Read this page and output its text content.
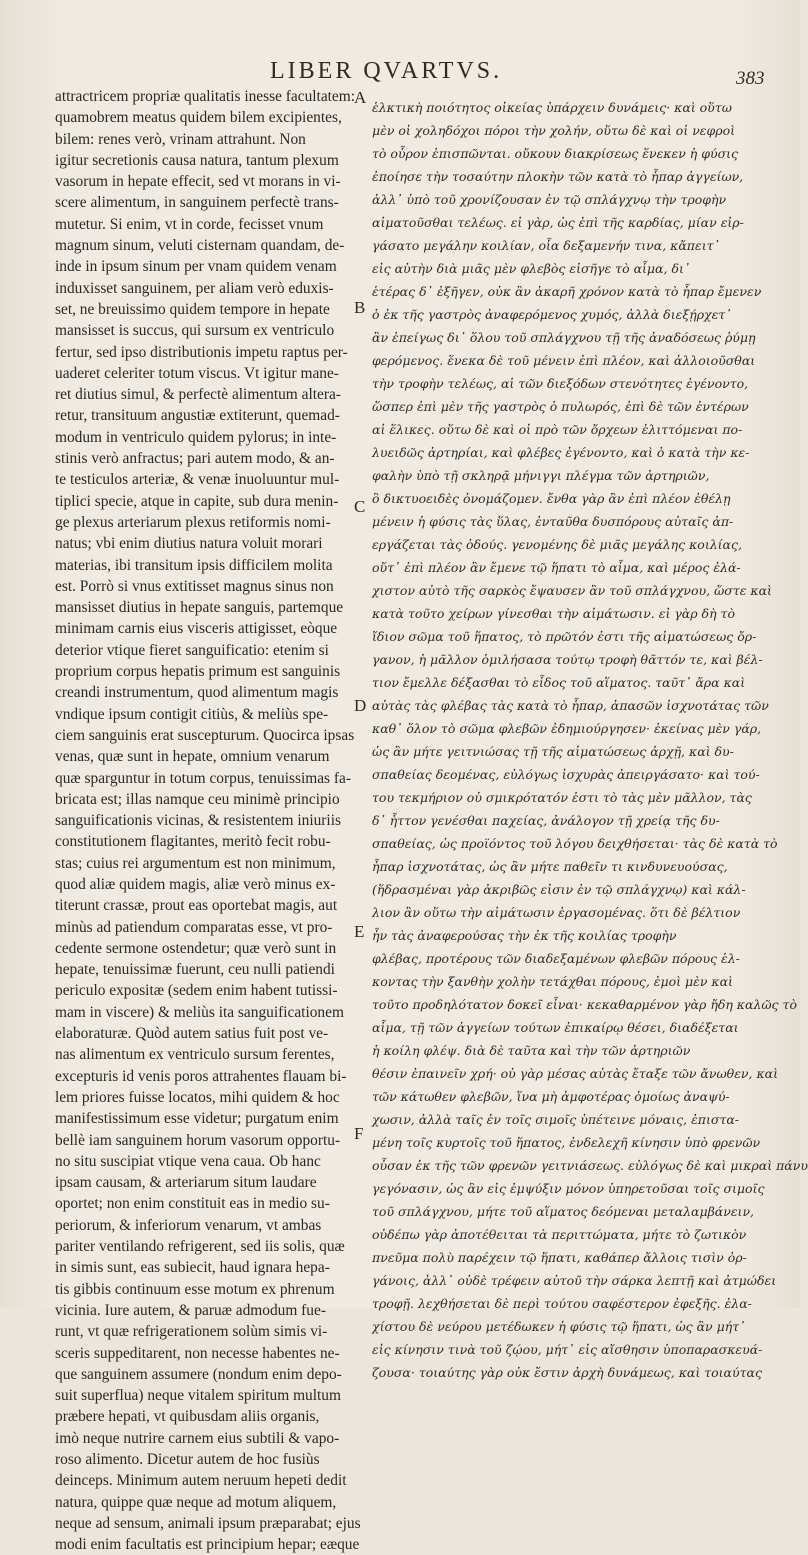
LIBER QVARTVS.	383
attractricem propriæ qualitatis inesse facultatem:
quamobrem meatus quidem bilem excipientes,
bilem: renes verò, vrinam attrahunt. Non
igitur secretionis causa natura, tantum plexum
vasorum in hepate effecit, sed vt morans in vi-
scere alimentum, in sanguinem perfectè trans-
mutetur. Si enim, vt in corde, fecisset vnum
magnum sinum, veluti cisternam quandam, de-
inde in ipsum sinum per vnam quidem venam
induxisset sanguinem, per aliam verò eduxis-
set, ne breuissimo quidem tempore in hepate
mansisset is succus, qui sursum ex ventriculo
fertur, sed ipso distributionis impetu raptus per-
uaderet celeriter totum viscus. Vt igitur mane-
ret diutius simul, & perfectè alimentum altera-
retur, transituum angustiæ extiterunt, quemad-
modum in ventriculo quidem pylorus; in inte-
stinis verò anfractus; pari autem modo, & an-
te testiculos arteriæ, & venæ inuoluuntur mul-
tiplici specie, atque in capite, sub dura menin-
ge plexus arteriarum plexus retiformis nomi-
natus; vbi enim diutius natura voluit morari
materias, ibi transitum ipsis difficilem molita
est. Porrò si vnus extitisset magnus sinus non
mansisset diutius in hepate sanguis, partemque
minimam carnis eius visceris attigisset, eòque
deterior vtique fieret sanguificatio: etenim si
proprium corpus hepatis primum est sanguinis
creandi instrumentum, quod alimentum magis
vndique ipsum contigit citiùs, & meliùs spe-
ciem sanguinis erat suscepturum. Quocirca ipsas
venas, quæ sunt in hepate, omnium venarum
quæ sparguntur in totum corpus, tenuissimas fa-
bricata est; illas namque ceu minimè principio
sanguificationis vicinas, & resistentem iniuriis
constitutionem flagitantes, meritò fecit robu-
stas; cuius rei argumentum est non minimum,
quod aliæ quidem magis, aliæ verò minus ex-
titerunt crassæ, prout eas oportebat magis, aut
minùs ad patiendum comparatas esse, vt pro-
cedente sermone ostendetur; quæ verò sunt in
hepate, tenuissimæ fuerunt, ceu nulli patiendi
periculo expositæ (sedem enim habent tutissi-
mam in viscere) & meliùs ita sanguificationem
elaboraturæ. Quòd autem satius fuit post ve-
nas alimentum ex ventriculo sursum ferentes,
excepturis id venis poros attrahentes flauam bi-
lem priores fuisse locatos, mihi quidem & hoc
manifestissimum esse videtur; purgatum enim
bellè iam sanguinem horum vasorum opportu-
no situ suscipiat vtique vena caua. Ob hanc
ipsam causam, & arteriarum situm laudare
oportet; non enim constituit eas in medio su-
periorum, & inferiorum venarum, vt ambas
pariter ventilando refrigerent, sed iis solis, quæ
in simis sunt, eas subiecit, haud ignara hepa-
tis gibbis continuum esse motum ex phrenum
vicinia. Iure autem, & paruæ admodum fue-
runt, vt quæ refrigerationem solùm simis vi-
sceris suppeditarent, non necesse habentes ne-
que sanguinem assumere (nondum enim depo-
suit superflua) neque vitalem spiritum multum
præbere hepati, vt quibusdam aliis organis,
imò neque nutrire carnem eius subtili & vapo-
roso alimento. Dicetur autem de hoc fusiùs
deinceps. Minimum autem neruum hepeti dedit
natura, quippe quæ neque ad motum aliquem,
neque ad sensum, animali ipsum præparabat; ejus
modi enim facultatis est principium hepar; eæque
A
B
C
D
E
F
ἑλκτικὴ ποιότητος οἰκείας ὑπάρχειν δυνάμεις· καὶ οὕτω
μὲν οἱ χοληδόχοι πόροι τὴν χολήν, οὕτω δὲ καὶ οἱ νεφροὶ
τὸ οὖρον ἐπισπῶνται. οὔκουν διακρίσεως ἕνεκεν ἡ φύσις
ἐποίησε τὴν τοσαύτην πλοκὴν τῶν κατὰ τὸ ἧπαρ ἀγγείων,
ἀλλ᾽ ὑπὸ τοῦ χρονίζουσαν ἐν τῷ σπλάγχνῳ τὴν τροφὴν
αἱματοῦσθαι τελέως. εἰ γὰρ, ὡς ἐπὶ τῆς καρδίας, μίαν εἰρ-
γάσατο μεγάλην κοιλίαν, οἷα δεξαμενήν τινα, κἄπειτ᾽
εἰς αὐτὴν διὰ μιᾶς μὲν φλεβὸς εἰσῆγε τὸ αἷμα, δι᾽
ἑτέρας δ᾽ ἐξῆγεν, οὐκ ἂν ἀκαρῆ χρόνον κατὰ τὸ ἧπαρ ἔμενεν
ὁ ἐκ τῆς γαστρὸς ἀναφερόμενος χυμός, ἀλλὰ διεξῄρχετ᾽
ἂν ἐπείγως δι᾽ ὅλου τοῦ σπλάγχνου τῇ τῆς ἀναδόσεως ῥύμῃ
φερόμενος. ἕνεκα δὲ τοῦ μένειν ἐπὶ πλέον, καὶ ἀλλοιοῦσθαι
τὴν τροφὴν τελέως, αἱ τῶν διεξόδων στενότητες ἐγένοντο,
ὥσπερ ἐπὶ μὲν τῆς γαστρὸς ὁ πυλωρός, ἐπὶ δὲ τῶν ἐντέρων
αἱ ἕλικες. οὕτω δὲ καὶ οἱ πρὸ τῶν ὄρχεων ἑλιττόμεναι πο-
λυειδῶς ἀρτηρίαι, καὶ φλέβες ἐγένοντο, καὶ ὁ κατὰ τὴν κε-
φαλὴν ὑπὸ τῇ σκληρᾷ μήνιγγι πλέγμα τῶν ἀρτηριῶν,
ὃ δικτυοειδὲς ὀνομάζομεν. ἔνθα γὰρ ἂν ἐπὶ πλέον ἐθέλῃ
μένειν ἡ φύσις τὰς ὕλας, ἐνταῦθα δυσπόρους αὐταῖς ἀπ-
εργάζεται τὰς ὁδούς. γενομένης δὲ μιᾶς μεγάλης κοιλίας,
οὔτ᾽ ἐπὶ πλέον ἂν ἔμενε τῷ ἥπατι τὸ αἷμα, καὶ μέρος ἐλά-
χιστον αὐτὸ τῆς σαρκὸς ἔψαυσεν ἂν τοῦ σπλάγχνου, ὥστε καὶ
κατὰ τοῦτο χείρων γίνεσθαι τὴν αἱμάτωσιν. εἰ γὰρ δὴ τὸ
ἴδιον σῶμα τοῦ ἥπατος, τὸ πρῶτόν ἐστι τῆς αἱματώσεως ὄρ-
γανον, ἡ μᾶλλον ὁμιλήσασα τούτῳ τροφὴ θᾶττόν τε, καὶ βέλ-
τιον ἔμελλε δέξασθαι τὸ εἶδος τοῦ αἵματος. ταῦτ᾽ ἄρα καὶ
αὐτὰς τὰς φλέβας τὰς κατὰ τὸ ἧπαρ, ἁπασῶν ἰσχνοτάτας τῶν
καθ᾽ ὅλον τὸ σῶμα φλεβῶν ἐδημιούργησεν· ἐκείνας μὲν γάρ,
ὡς ἂν μήτε γειτνιώσας τῇ τῆς αἱματώσεως ἀρχῇ, καὶ δυ-
σπαθείας δεομένας, εὐλόγως ἰσχυρὰς ἀπειργάσατο· καὶ τού-
του τεκμήριον οὐ σμικρότατόν ἐστι τὸ τὰς μὲν μᾶλλον, τὰς
δ᾽ ἧττον γενέσθαι παχείας, ἀνάλογον τῇ χρείᾳ τῆς δυ-
σπαθείας, ὡς προϊόντος τοῦ λόγου δειχθήσεται· τὰς δὲ κατὰ τὸ
ἧπαρ ἰσχνοτάτας, ὡς ἂν μήτε παθεῖν τι κινδυνευούσας,
(ἥδρασμέναι γὰρ ἀκριβῶς εἰσιν ἐν τῷ σπλάγχνῳ) καὶ κάλ-
λιον ἂν οὕτω τὴν αἱμάτωσιν ἐργασομένας. ὅτι δὲ βέλτιον
ἦν τὰς ἀναφερούσας τὴν ἐκ τῆς κοιλίας τροφὴν
φλέβας, προτέρους τῶν διαδεξαμένων φλεβῶν πόρους ἑλ-
κοντας τὴν ξανθὴν χολὴν τετάχθαι πόρους, ἐμοὶ μὲν καὶ
τοῦτο προδηλότατον δοκεῖ εἶναι· κεκαθαρμένον γὰρ ἤδη καλῶς τὸ
αἷμα, τῇ τῶν ἀγγείων τούτων ἐπικαίρῳ θέσει, διαδέξεται
ἡ κοίλη φλέψ. διὰ δὲ ταῦτα καὶ τὴν τῶν ἀρτηριῶν
θέσιν ἐπαινεῖν χρή· οὐ γὰρ μέσας αὐτὰς ἔταξε τῶν ἄνωθεν, καὶ
τῶν κάτωθεν φλεβῶν, ἵνα μὴ ἀμφοτέρας ὁμοίως ἀναψύ-
χωσιν, ἀλλὰ ταῖς ἐν τοῖς σιμοῖς ὑπέτεινε μόναις, ἐπιστα-
μένη τοῖς κυρτοῖς τοῦ ἥπατος, ἐνδελεχῆ κίνησιν ὑπὸ φρενῶν
οὖσαν ἐκ τῆς τῶν φρενῶν γειτνιάσεως. εὐλόγως δὲ καὶ μικραὶ πάνυ
γεγόνασιν, ὡς ἂν εἰς ἐμψύξιν μόνον ὑπηρετοῦσαι τοῖς σιμοῖς
τοῦ σπλάγχνου, μήτε τοῦ αἵματος δεόμεναι μεταλαμβάνειν,
οὐδέπω γὰρ ἀποτέθειται τὰ περιττώματα, μήτε τὸ ζωτικὸν
πνεῦμα πολὺ παρέχειν τῷ ἥπατι, καθάπερ ἄλλοις τισὶν ὀρ-
γάνοις, ἀλλ᾽ οὐδὲ τρέφειν αὐτοῦ τὴν σάρκα λεπτῇ καὶ ἀτμώδει
τροφῇ. λεχθήσεται δὲ περὶ τούτου σαφέστερον ἐφεξῆς. ἐλα-
χίστου δὲ νεύρου μετέδωκεν ἡ φύσις τῷ ἥπατι, ὡς ἂν μήτ᾽
εἰς κίνησιν τινὰ τοῦ ζῴου, μήτ᾽ εἰς αἴσθησιν ὑποπαρασκευά-
ζουσα· τοιαύτης γὰρ οὐκ ἔστιν ἀρχὴ δυνάμεως, καὶ τοιαύτας
